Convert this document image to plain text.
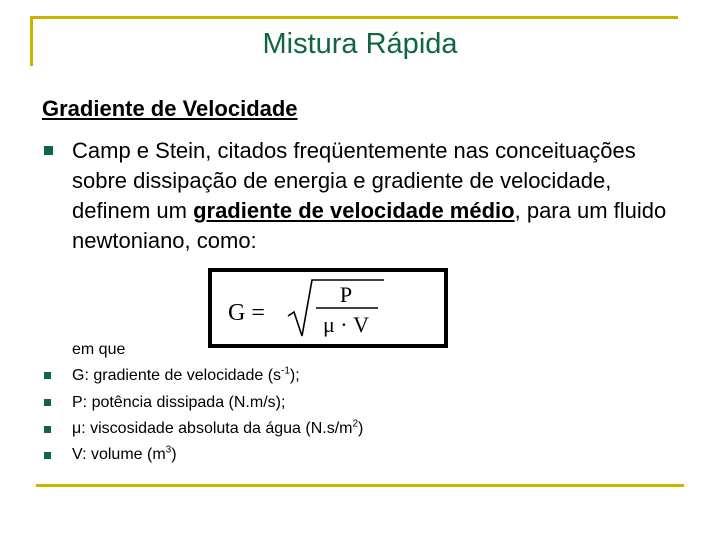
Mistura Rápida
Gradiente de Velocidade
Camp e Stein, citados freqüentemente nas conceituações sobre dissipação de energia e gradiente de velocidade, definem um gradiente de velocidade médio, para um fluido newtoniano, como:
G =
P
μ · V
em que
G: gradiente de velocidade $(s^{-1})$;
P: potência dissipada (N.m/s);
μ: viscosidade absoluta da água $(N.s/m^2)$
V: volume $(m^3)$
